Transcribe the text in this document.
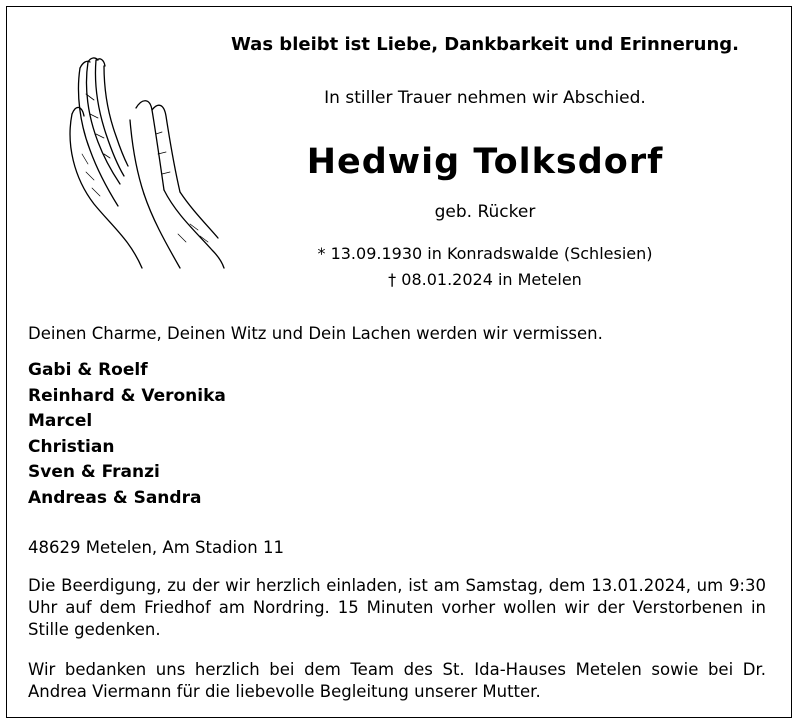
Was bleibt ist Liebe, Dankbarkeit und Erinnerung.
In stiller Trauer nehmen wir Abschied.
Hedwig Tolksdorf
geb. Rücker
* 13.09.1930 in Konradswalde (Schlesien)
† 08.01.2024 in Metelen
Deinen Charme, Deinen Witz und Dein Lachen werden wir vermissen.
Gabi & Roelf
Reinhard & Veronika
Marcel
Christian
Sven & Franzi
Andreas & Sandra
48629 Metelen, Am Stadion 11
Die Beerdigung, zu der wir herzlich einladen, ist am Samstag, dem 13.01.2024, um 9:30 Uhr auf dem Friedhof am Nordring. 15 Minuten vorher wollen wir der Verstorbenen in Stille gedenken.
Wir bedanken uns herzlich bei dem Team des St. Ida-Hauses Metelen sowie bei Dr. Andrea Viermann für die liebevolle Begleitung unserer Mutter.
